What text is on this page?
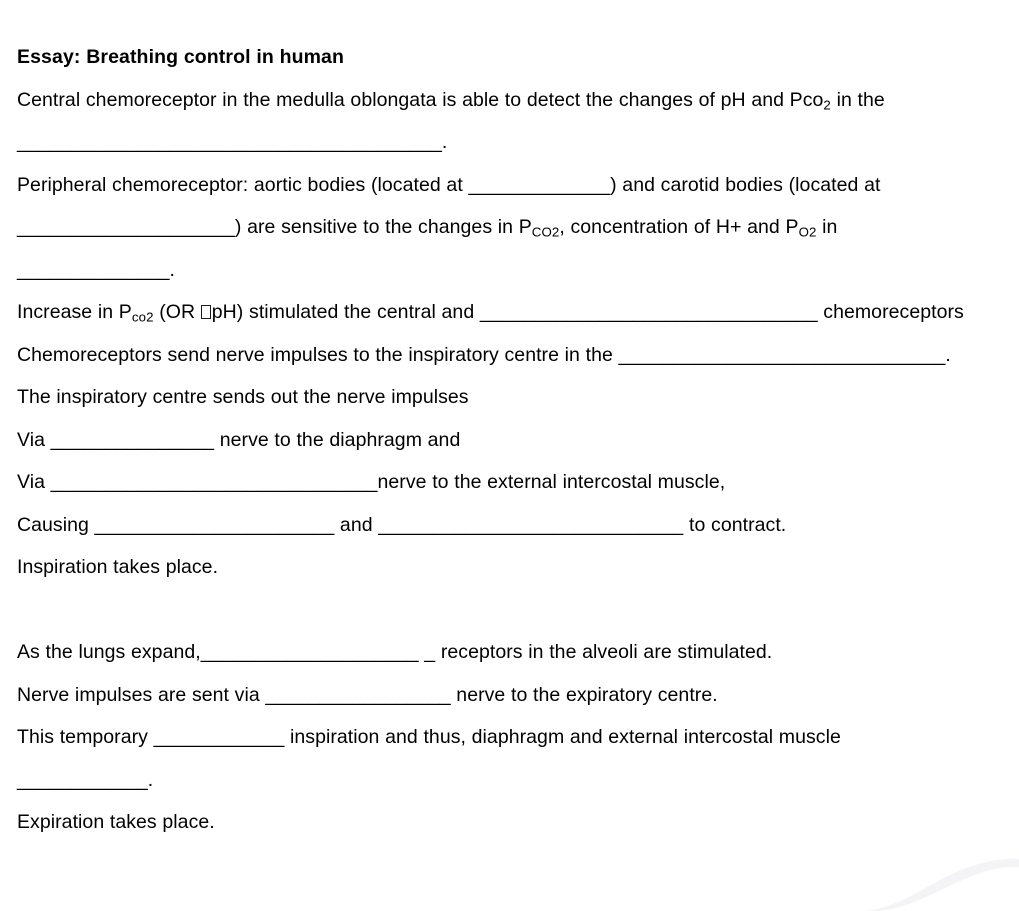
Essay: Breathing control in human
Central chemoreceptor in the medulla oblongata is able to detect the changes of pH and Pco$_2$ in the
_______________________________________.
Peripheral chemoreceptor: aortic bodies (located at _____________) and carotid bodies (located at
____________________) are sensitive to the changes in $P_{CO2}$, concentration of H+ and $P_{O2}$ in
______________.
Increase in $P_{co2}$ (OR pH) stimulated the central and _______________________________ chemoreceptors
Chemoreceptors send nerve impulses to the inspiratory centre in the ______________________________.
The inspiratory centre sends out the nerve impulses
Via _______________ nerve to the diaphragm and
Via ______________________________nerve to the external intercostal muscle,
Causing ______________________ and ____________________________ to contract.
Inspiration takes place.
As the lungs expand,____________________ _ receptors in the alveoli are stimulated.
Nerve impulses are sent via _________________ nerve to the expiratory centre.
This temporary ____________ inspiration and thus, diaphragm and external intercostal muscle
____________.
Expiration takes place.
